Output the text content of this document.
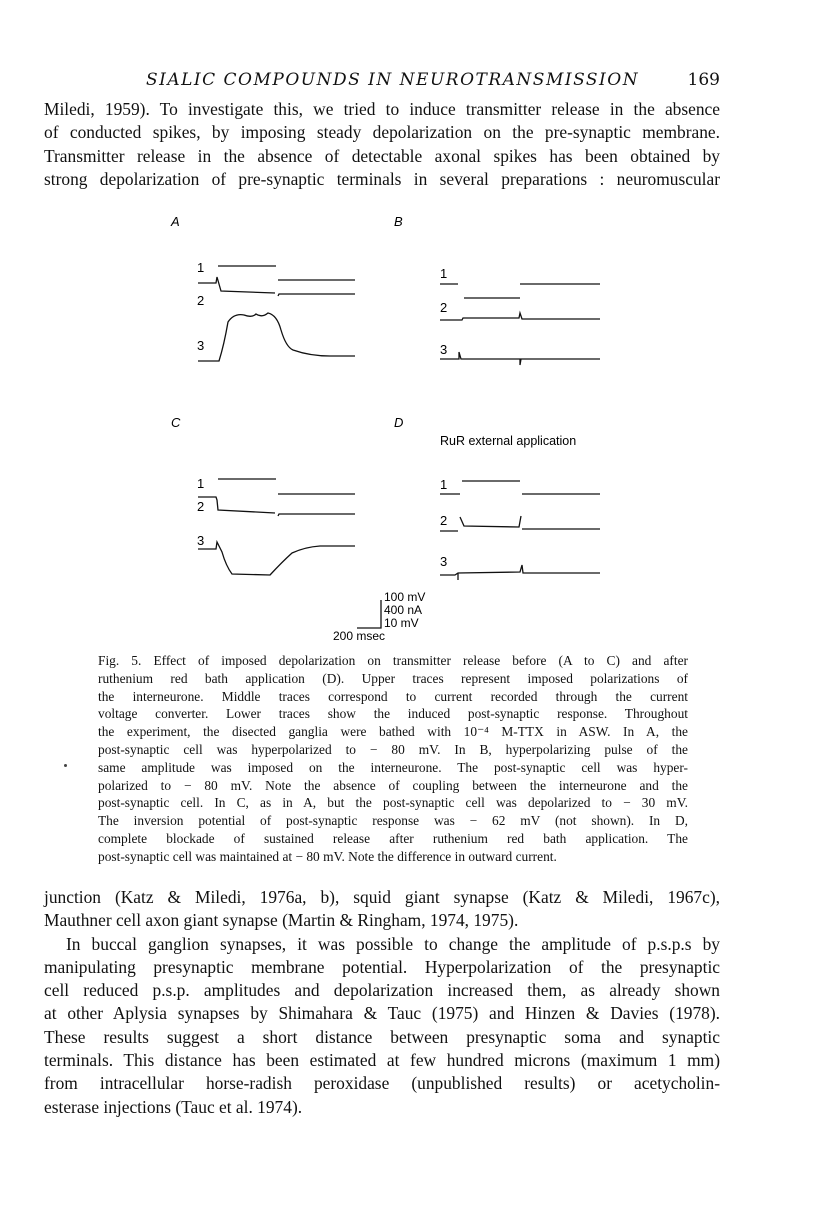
SIALIC COMPOUNDS IN NEUROTRANSMISSION	169
Miledi, 1959). To investigate this, we tried to induce transmitter release in the absence
of conducted spikes, by imposing steady depolarization on the pre-synaptic membrane.
Transmitter release in the absence of detectable axonal spikes has been obtained by
strong depolarization of pre-synaptic terminals in several preparations : neuromuscular
A	B
C	D
RuR external application
1
2
3
1
2
3
1
2
3
1
2
3
100 mV
400 nA
10 mV
200 msec
Fig. 5. Effect of imposed depolarization on transmitter release before (A to C) and after
ruthenium red bath application (D). Upper traces represent imposed polarizations of
the interneurone. Middle traces correspond to current recorded through the current
voltage converter. Lower traces show the induced post-synaptic response. Throughout
the experiment, the disected ganglia were bathed with 10⁻⁴ M-TTX in ASW. In A, the
post-synaptic cell was hyperpolarized to − 80 mV. In B, hyperpolarizing pulse of the
same amplitude was imposed on the interneurone. The post-synaptic cell was hyper-
polarized to − 80 mV. Note the absence of coupling between the interneurone and the
post-synaptic cell. In C, as in A, but the post-synaptic cell was depolarized to − 30 mV.
The inversion potential of post-synaptic response was − 62 mV (not shown). In D,
complete blockade of sustained release after ruthenium red bath application. The
post-synaptic cell was maintained at − 80 mV. Note the difference in outward current.
junction (Katz & Miledi, 1976a, b), squid giant synapse (Katz & Miledi, 1967c),
Mauthner cell axon giant synapse (Martin & Ringham, 1974, 1975).
In buccal ganglion synapses, it was possible to change the amplitude of p.s.p.s by
manipulating presynaptic membrane potential. Hyperpolarization of the presynaptic
cell reduced p.s.p. amplitudes and depolarization increased them, as already shown
at other Aplysia synapses by Shimahara & Tauc (1975) and Hinzen & Davies (1978).
These results suggest a short distance between presynaptic soma and synaptic
terminals. This distance has been estimated at few hundred microns (maximum 1 mm)
from intracellular horse-radish peroxidase (unpublished results) or acetycholin-
esterase injections (Tauc et al. 1974).
